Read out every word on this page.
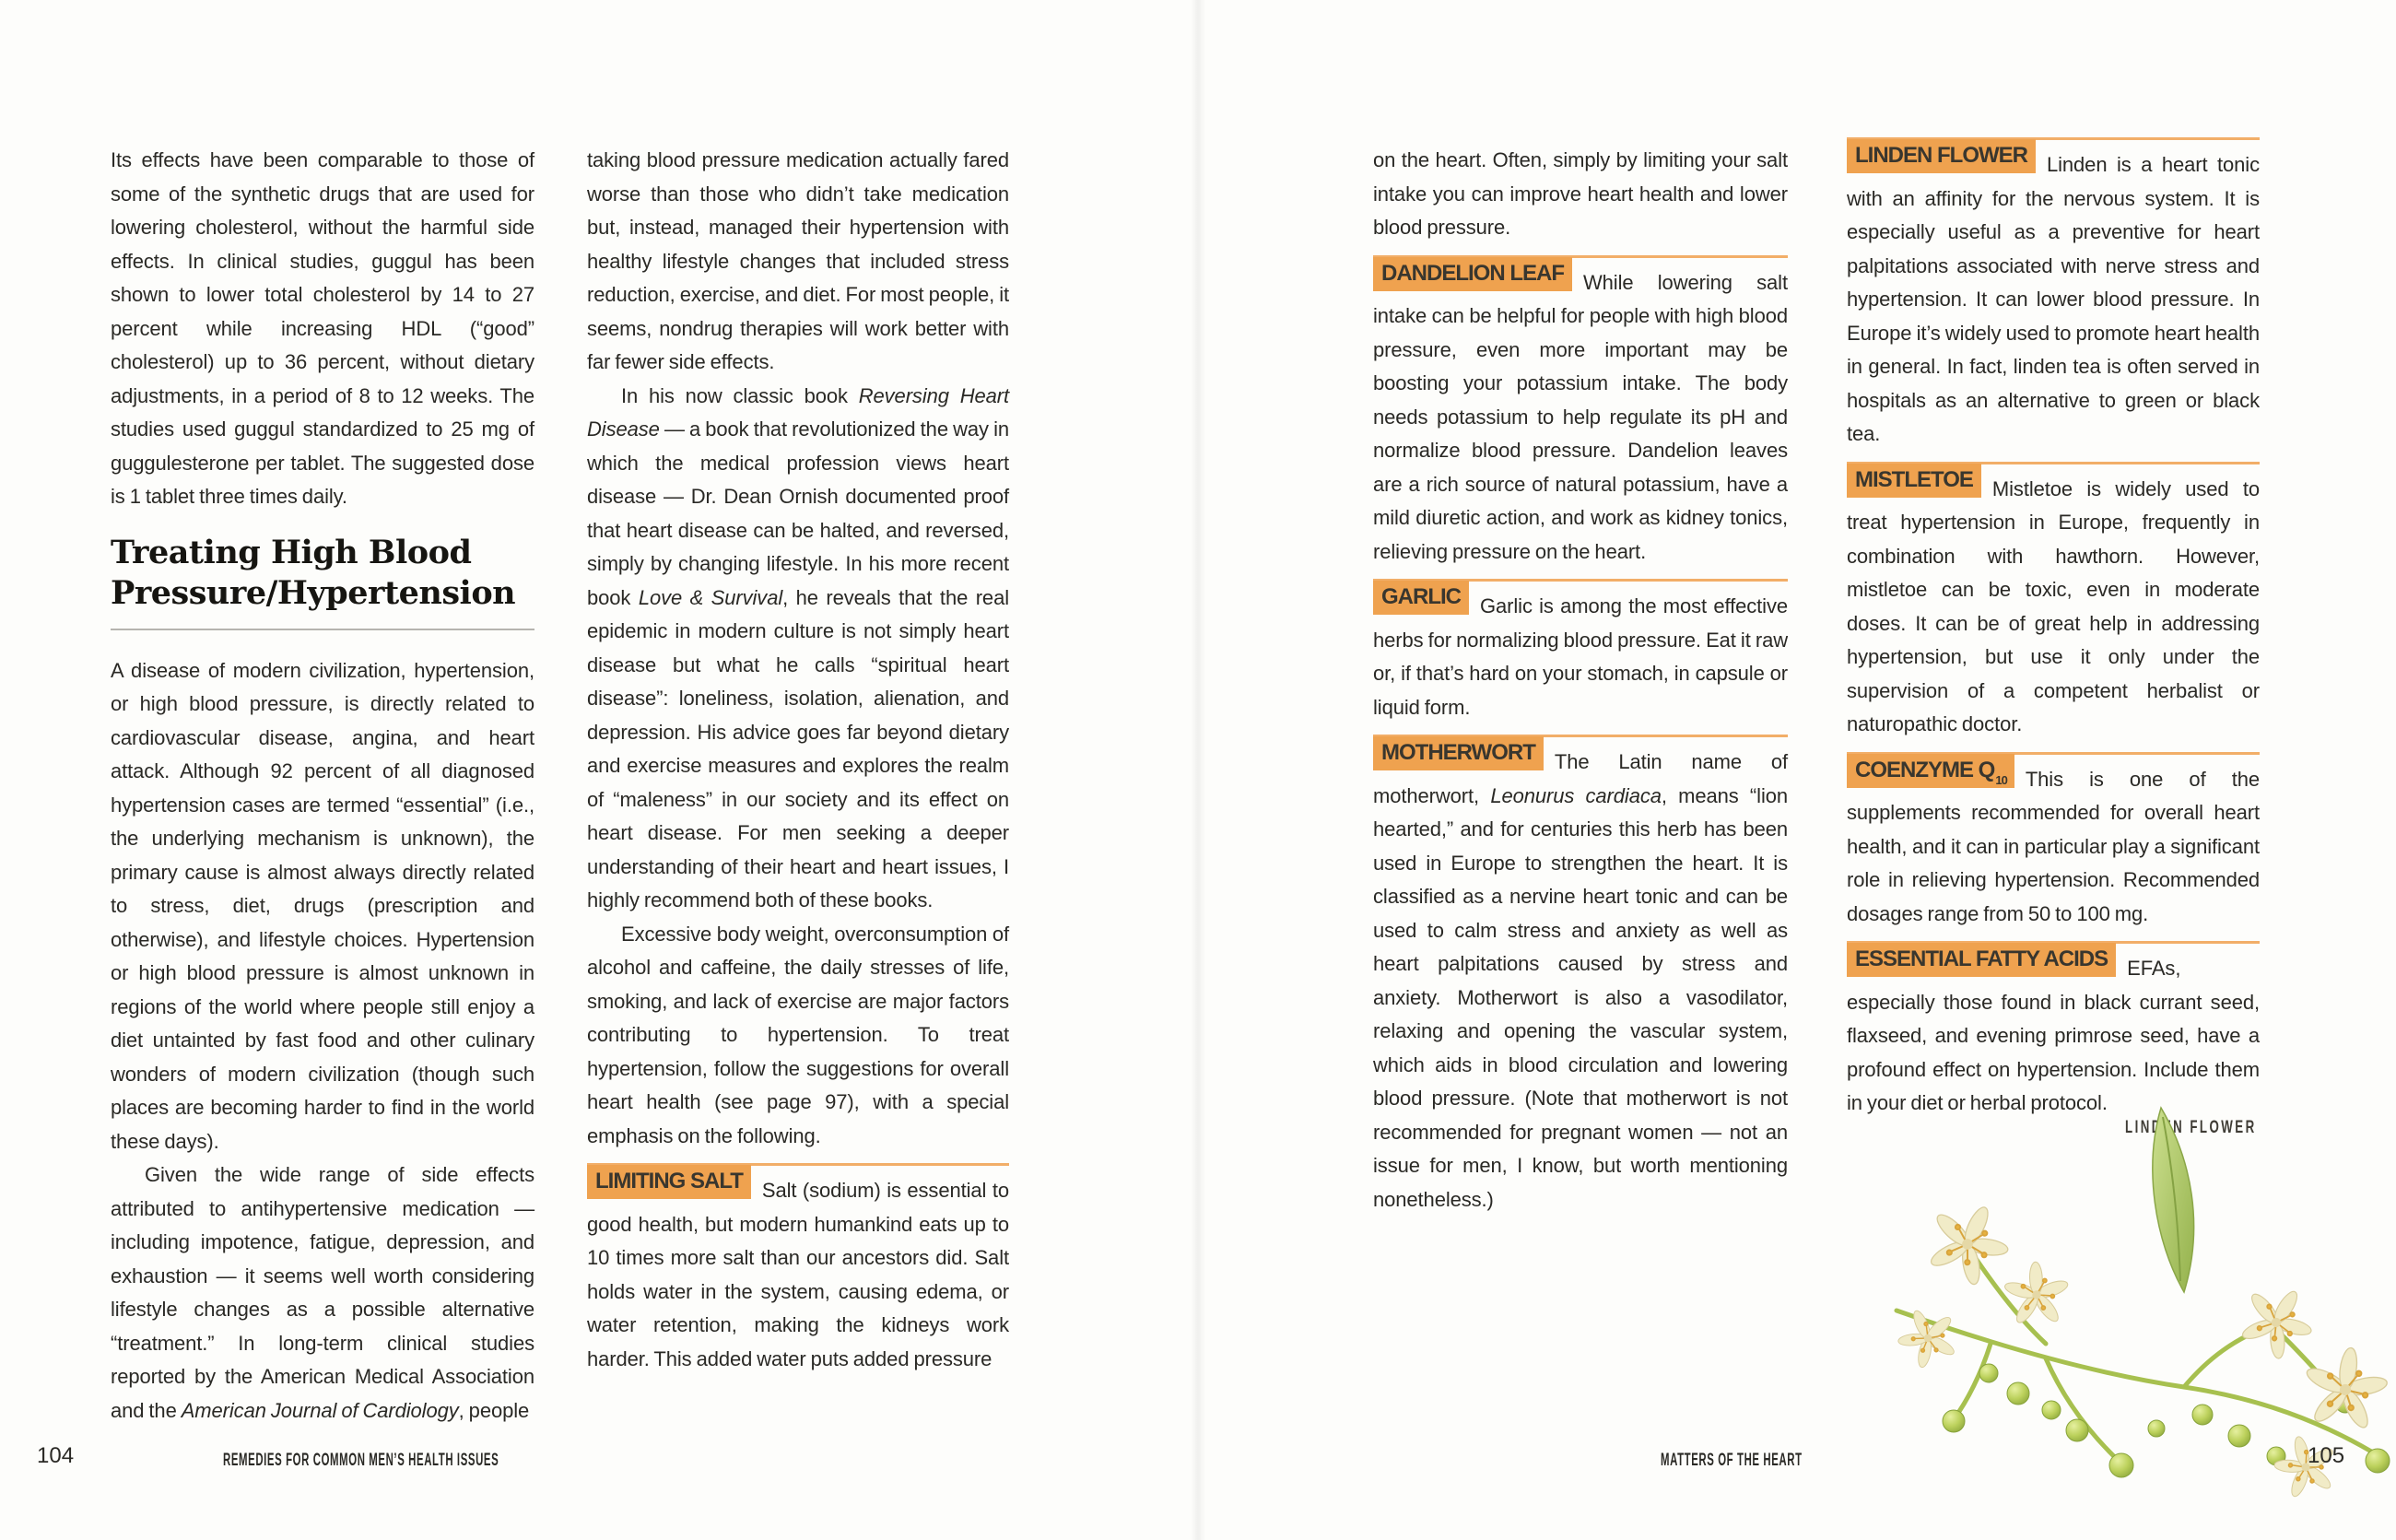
Its effects have been comparable to those of some of the synthetic drugs that are used for lowering cholesterol, without the harmful side effects. In clinical studies, guggul has been shown to lower total cholesterol by 14 to 27 percent while increasing HDL (“good” cholesterol) up to 36 percent, without dietary adjustments, in a period of 8 to 12 weeks. The studies used guggul standardized to 25 mg of guggulesterone per tablet. The suggested dose is 1 tablet three times daily.

Treating High Blood Pressure/Hypertension

A disease of modern civilization, hypertension, or high blood pressure, is directly related to cardiovascular disease, angina, and heart attack. Although 92 percent of all diagnosed hypertension cases are termed “essential” (i.e., the underlying mechanism is unknown), the primary cause is almost always directly related to stress, diet, drugs (prescription and otherwise), and lifestyle choices. Hypertension or high blood pressure is almost unknown in regions of the world where people still enjoy a diet untainted by fast food and other culinary wonders of modern civilization (though such places are becoming harder to find in the world these days).

Given the wide range of side effects attributed to antihypertensive medication — including impotence, fatigue, depression, and exhaustion — it seems well worth considering lifestyle changes as a possible alternative “treatment.” In long-term clinical studies reported by the American Medical Association and the American Journal of Cardiology, people

taking blood pressure medication actually fared worse than those who didn’t take medication but, instead, managed their hypertension with healthy lifestyle changes that included stress reduction, exercise, and diet. For most people, it seems, nondrug therapies will work better with far fewer side effects.

In his now classic book Reversing Heart Disease — a book that revolutionized the way in which the medical profession views heart disease — Dr. Dean Ornish documented proof that heart disease can be halted, and reversed, simply by changing lifestyle. In his more recent book Love & Survival, he reveals that the real epidemic in modern culture is not simply heart disease but what he calls “spiritual heart disease”: loneliness, isolation, alienation, and depression. His advice goes far beyond dietary and exercise measures and explores the realm of “maleness” in our society and its effect on heart disease. For men seeking a deeper understanding of their heart and heart issues, I highly recommend both of these books.

Excessive body weight, overconsumption of alcohol and caffeine, the daily stresses of life, smoking, and lack of exercise are major factors contributing to hypertension. To treat hypertension, follow the suggestions for overall heart health (see page 97), with a special emphasis on the following.

LIMITING SALT Salt (sodium) is essential to good health, but modern humankind eats up to 10 times more salt than our ancestors did. Salt holds water in the system, causing edema, or water retention, making the kidneys work harder. This added water puts added pressure

on the heart. Often, simply by limiting your salt intake you can improve heart health and lower blood pressure.

DANDELION LEAF While lowering salt intake can be helpful for people with high blood pressure, even more important may be boosting your potassium intake. The body needs potassium to help regulate its pH and normalize blood pressure. Dandelion leaves are a rich source of natural potassium, have a mild diuretic action, and work as kidney tonics, relieving pressure on the heart.

GARLIC Garlic is among the most effective herbs for normalizing blood pressure. Eat it raw or, if that’s hard on your stomach, in capsule or liquid form.

MOTHERWORT The Latin name of motherwort, Leonurus cardiaca, means “lion hearted,” and for centuries this herb has been used in Europe to strengthen the heart. It is classified as a nervine heart tonic and can be used to calm stress and anxiety as well as heart palpitations caused by stress and anxiety. Motherwort is also a vasodilator, relaxing and opening the vascular system, which aids in blood circulation and lowering blood pressure. (Note that motherwort is not recommended for pregnant women — not an issue for men, I know, but worth mentioning nonetheless.)

LINDEN FLOWER Linden is a heart tonic with an affinity for the nervous system. It is especially useful as a preventive for heart palpitations associated with nerve stress and hypertension. It can lower blood pressure. In Europe it’s widely used to promote heart health in general. In fact, linden tea is often served in hospitals as an alternative to green or black tea.

MISTLETOE Mistletoe is widely used to treat hypertension in Europe, frequently in combination with hawthorn. However, mistletoe can be toxic, even in moderate doses. It can be of great help in addressing hypertension, but use it only under the supervision of a competent herbalist or naturopathic doctor.

COENZYME $Q_{10}$ This is one of the supplements recommended for overall heart health, and it can in particular play a significant role in relieving hypertension. Recommended dosages range from 50 to 100 mg.

ESSENTIAL FATTY ACIDS EFAs, especially those found in black currant seed, flaxseed, and evening primrose seed, have a profound effect on hypertension. Include them in your diet or herbal protocol.

LINDEN FLOWER
104	REMEDIES FOR COMMON MEN’S HEALTH ISSUES	MATTERS OF THE HEART	105
